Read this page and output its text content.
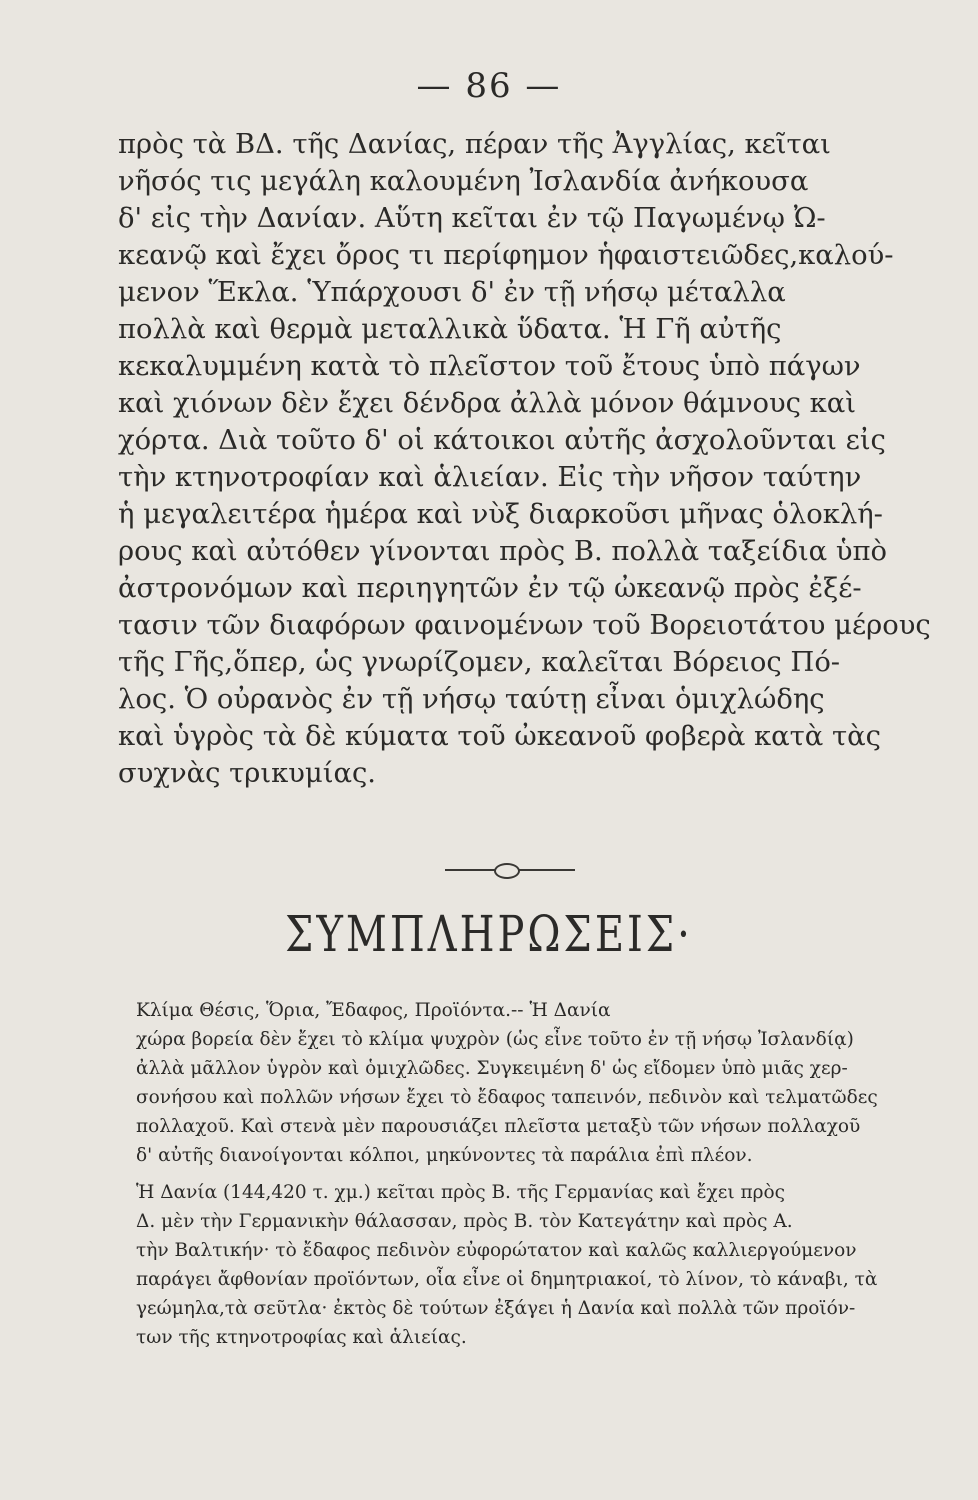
— 86 —
πρὸς τὰ ΒΔ. τῆς Δανίας, πέραν τῆς Ἀγγλίας, κεῖται
νῆσός τις μεγάλη καλουμένη Ἰσλανδία ἀνήκουσα
δ' εἰς τὴν Δανίαν. Αὕτη κεῖται ἐν τῷ Παγωμένῳ Ὠ-
κεανῷ καὶ ἔχει ὄρος τι περίφημον ἡφαιστειῶδες,καλού-
μενον Ἕκλα. Ὑπάρχουσι δ' ἐν τῇ νήσῳ μέταλλα
πολλὰ καὶ θερμὰ μεταλλικὰ ὕδατα. Ἡ Γῆ αὐτῆς
κεκαλυμμένη κατὰ τὸ πλεῖστον τοῦ ἔτους ὑπὸ πάγων
καὶ χιόνων δὲν ἔχει δένδρα ἀλλὰ μόνον θάμνους καὶ
χόρτα. Διὰ τοῦτο δ' οἱ κάτοικοι αὐτῆς ἀσχολοῦνται εἰς
τὴν κτηνοτροφίαν καὶ ἁλιείαν. Εἰς τὴν νῆσον ταύτην
ἡ μεγαλειτέρα ἡμέρα καὶ νὺξ διαρκοῦσι μῆνας ὁλοκλή-
ρους καὶ αὐτόθεν γίνονται πρὸς Β. πολλὰ ταξείδια ὑπὸ
ἀστρονόμων καὶ περιηγητῶν ἐν τῷ ὠκεανῷ πρὸς ἐξέ-
τασιν τῶν διαφόρων φαινομένων τοῦ Βορειοτάτου μέρους
τῆς Γῆς,ὅπερ, ὡς γνωρίζομεν, καλεῖται Βόρειος Πό-
λος. Ὁ οὐρανὸς ἐν τῇ νήσῳ ταύτῃ εἶναι ὁμιχλώδης
καὶ ὑγρὸς τὰ δὲ κύματα τοῦ ὠκεανοῦ φοβερὰ κατὰ τὰς
συχνὰς τρικυμίας.
ΣΥΜΠΛΗΡΩΣΕΙΣ·
Κλίμα Θέσις, Ὅρια, Ἔδαφος, Προϊόντα.-- Ἡ Δανία
χώρα βορεία δὲν ἔχει τὸ κλίμα ψυχρὸν (ὡς εἶνε τοῦτο ἐν τῇ νήσῳ Ἰσλανδίᾳ)
ἀλλὰ μᾶλλον ὑγρὸν καὶ ὁμιχλῶδες. Συγκειμένη δ' ὡς εἴδομεν ὑπὸ μιᾶς χερ-
σονήσου καὶ πολλῶν νήσων ἔχει τὸ ἔδαφος ταπεινόν, πεδινὸν καὶ τελματῶδες
πολλαχοῦ. Καὶ στενὰ μὲν παρουσιάζει πλεῖστα μεταξὺ τῶν νήσων πολλαχοῦ
δ' αὐτῆς διανοίγονται κόλποι, μηκύνοντες τὰ παράλια ἐπὶ πλέον.
Ἡ Δανία (144,420 τ. χμ.) κεῖται πρὸς Β. τῆς Γερμανίας καὶ ἔχει πρὸς
Δ. μὲν τὴν Γερμανικὴν θάλασσαν, πρὸς Β. τὸν Κατεγάτην καὶ πρὸς Α.
τὴν Βαλτικήν· τὸ ἔδαφος πεδινὸν εὐφορώτατον καὶ καλῶς καλλιεργούμενον
παράγει ἄφθονίαν προϊόντων, οἷα εἶνε οἰ δημητριακοί, τὸ λίνον, τὸ κάναβι, τὰ
γεώμηλα,τὰ σεῦτλα· ἐκτὸς δὲ τούτων ἐξάγει ἡ Δανία καὶ πολλὰ τῶν προϊόν-
των τῆς κτηνοτροφίας καὶ ἁλιείας.
